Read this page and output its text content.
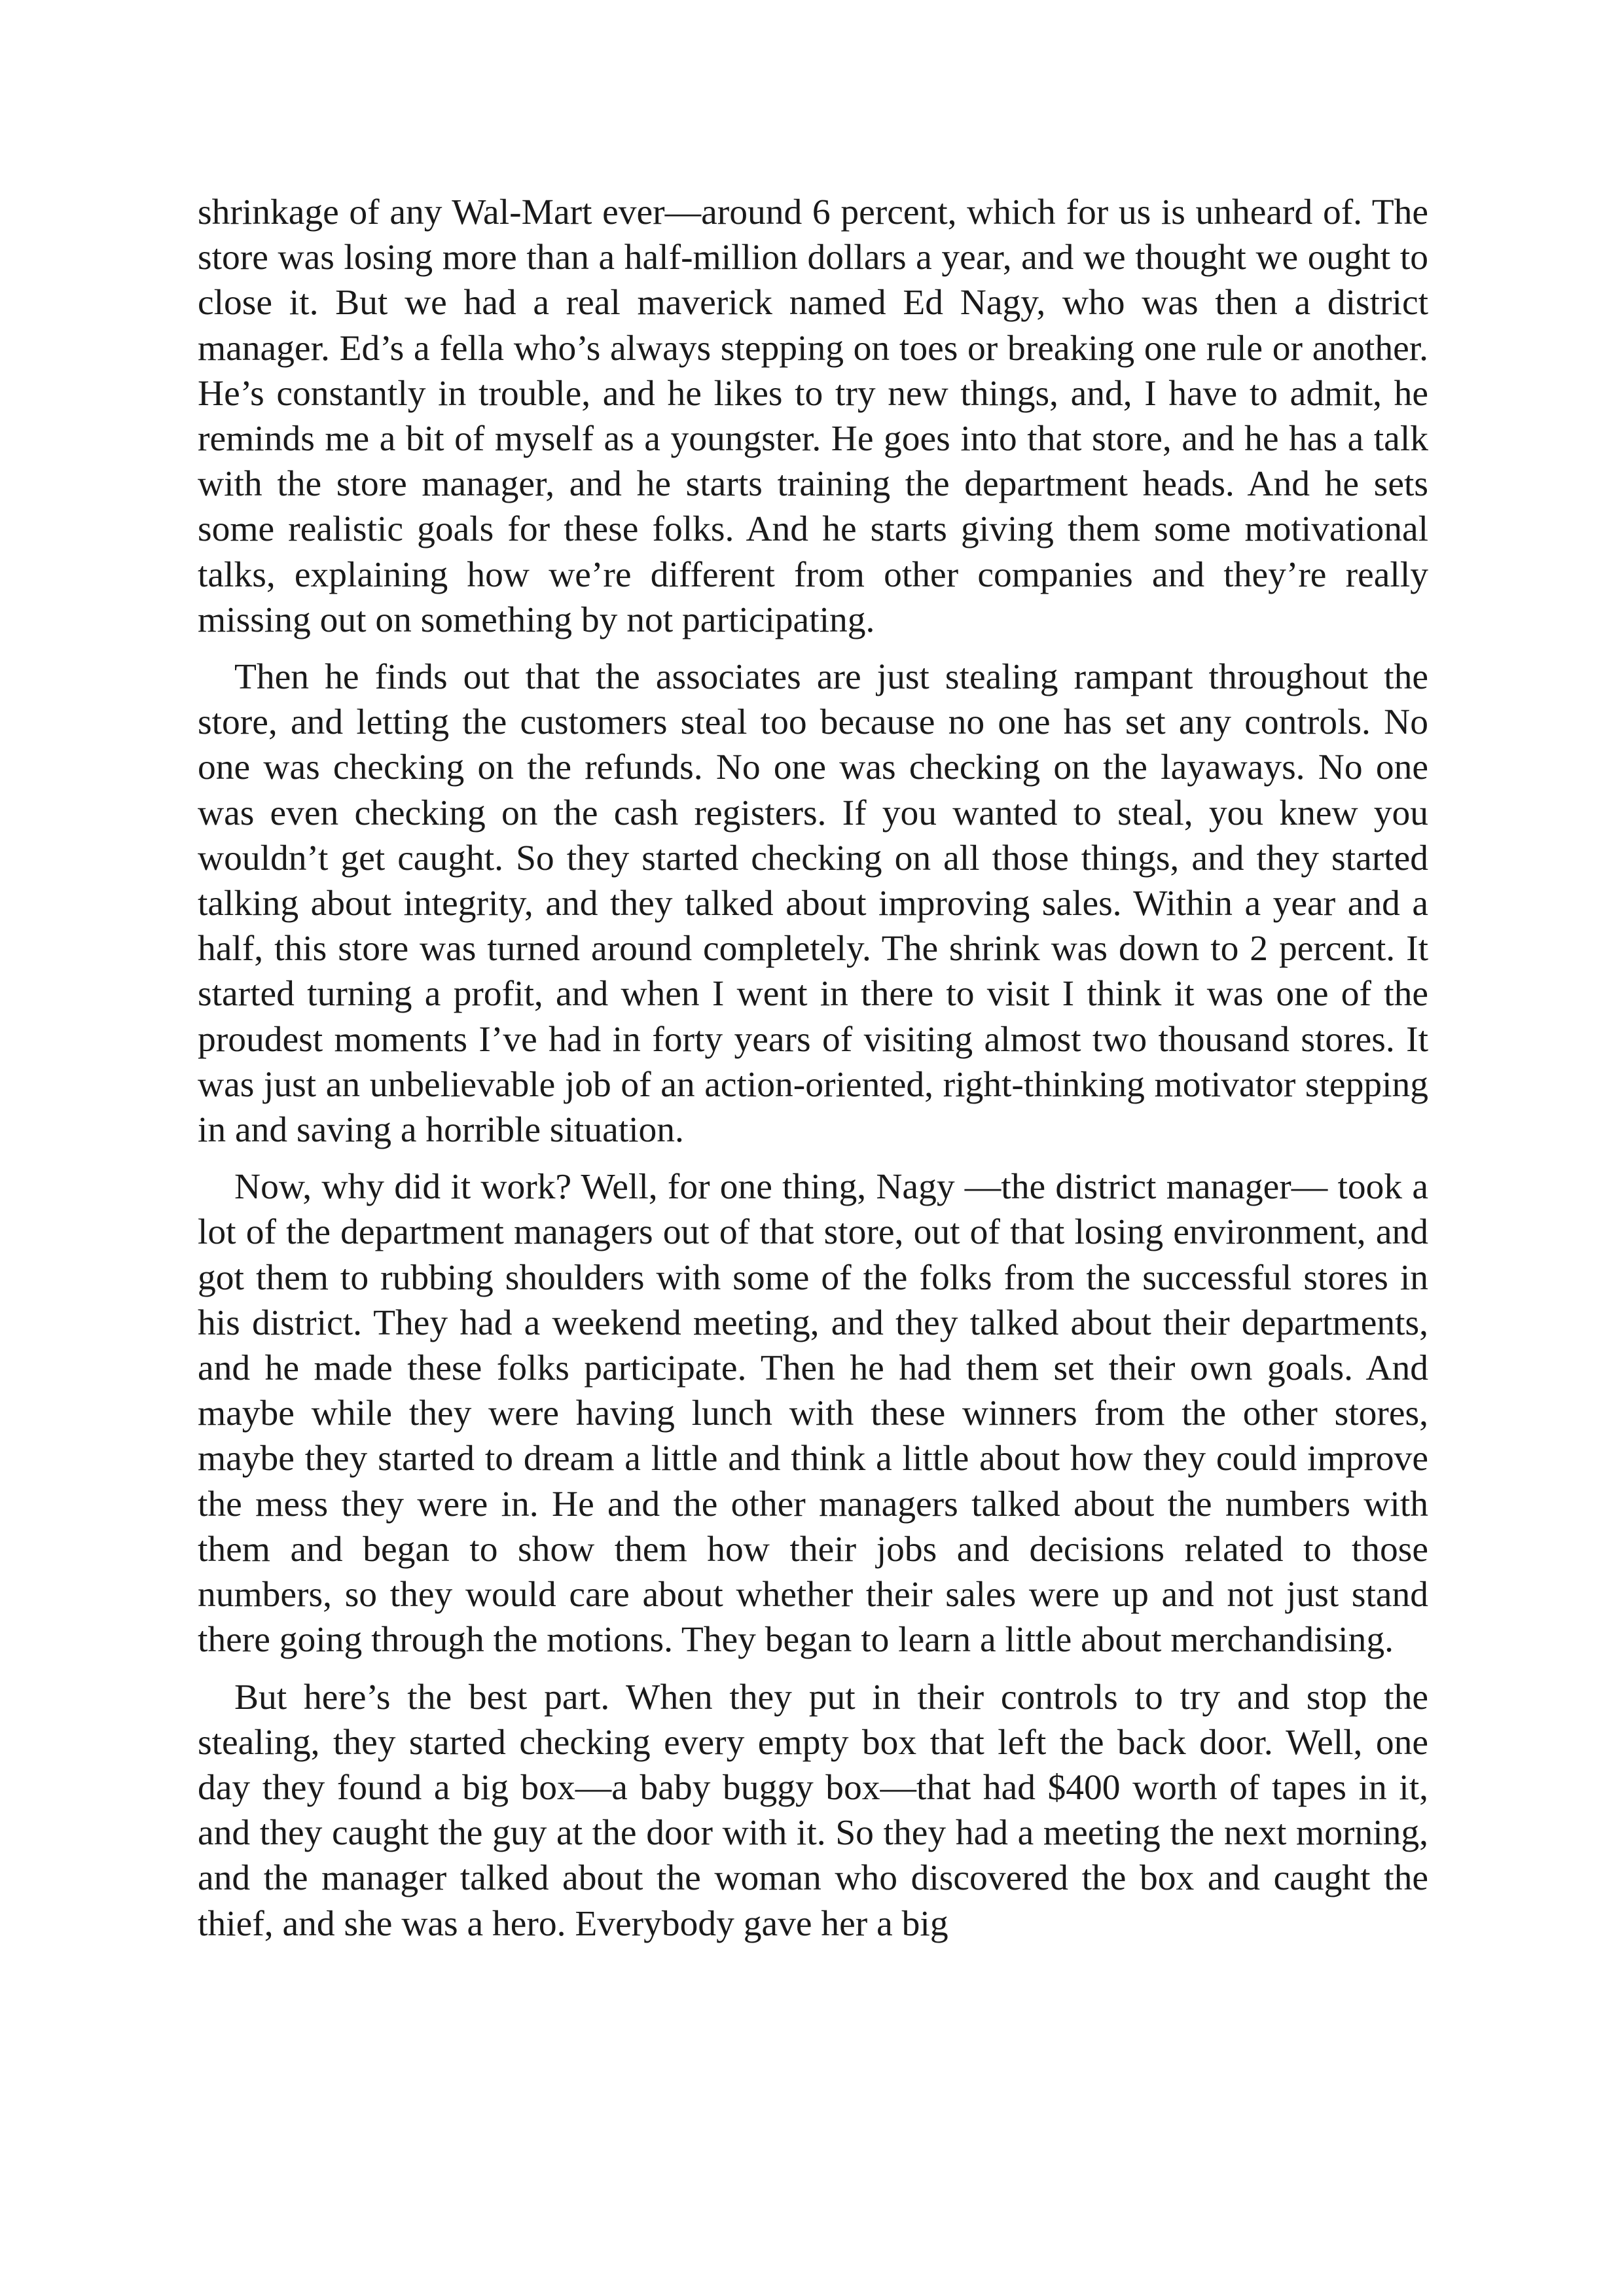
shrinkage of any Wal-Mart ever—around 6 percent, which for us is unheard of. The store was losing more than a half-million dollars a year, and we thought we ought to close it. But we had a real maverick named Ed Nagy, who was then a district manager. Ed’s a fella who’s always stepping on toes or breaking one rule or another. He’s constantly in trouble, and he likes to try new things, and, I have to admit, he reminds me a bit of myself as a youngster. He goes into that store, and he has a talk with the store manager, and he starts training the department heads. And he sets some realistic goals for these folks. And he starts giving them some motivational talks, explaining how we’re different from other companies and they’re really missing out on something by not participating.

Then he finds out that the associates are just stealing rampant throughout the store, and letting the customers steal too because no one has set any controls. No one was checking on the refunds. No one was checking on the layaways. No one was even checking on the cash registers. If you wanted to steal, you knew you wouldn’t get caught. So they started checking on all those things, and they started talking about integrity, and they talked about improving sales. Within a year and a half, this store was turned around completely. The shrink was down to 2 percent. It started turning a profit, and when I went in there to visit I think it was one of the proudest moments I’ve had in forty years of visiting almost two thousand stores. It was just an unbelievable job of an action-oriented, right-thinking motivator stepping in and saving a horrible situation.

Now, why did it work? Well, for one thing, Nagy —the district manager— took a lot of the department managers out of that store, out of that losing environment, and got them to rubbing shoulders with some of the folks from the successful stores in his district. They had a weekend meeting, and they talked about their departments, and he made these folks participate. Then he had them set their own goals. And maybe while they were having lunch with these winners from the other stores, maybe they started to dream a little and think a little about how they could improve the mess they were in. He and the other managers talked about the numbers with them and began to show them how their jobs and decisions related to those numbers, so they would care about whether their sales were up and not just stand there going through the motions. They began to learn a little about merchandising.

But here’s the best part. When they put in their controls to try and stop the stealing, they started checking every empty box that left the back door. Well, one day they found a big box—a baby buggy box—that had $400 worth of tapes in it, and they caught the guy at the door with it. So they had a meeting the next morning, and the manager talked about the woman who discovered the box and caught the thief, and she was a hero. Everybody gave her a big
